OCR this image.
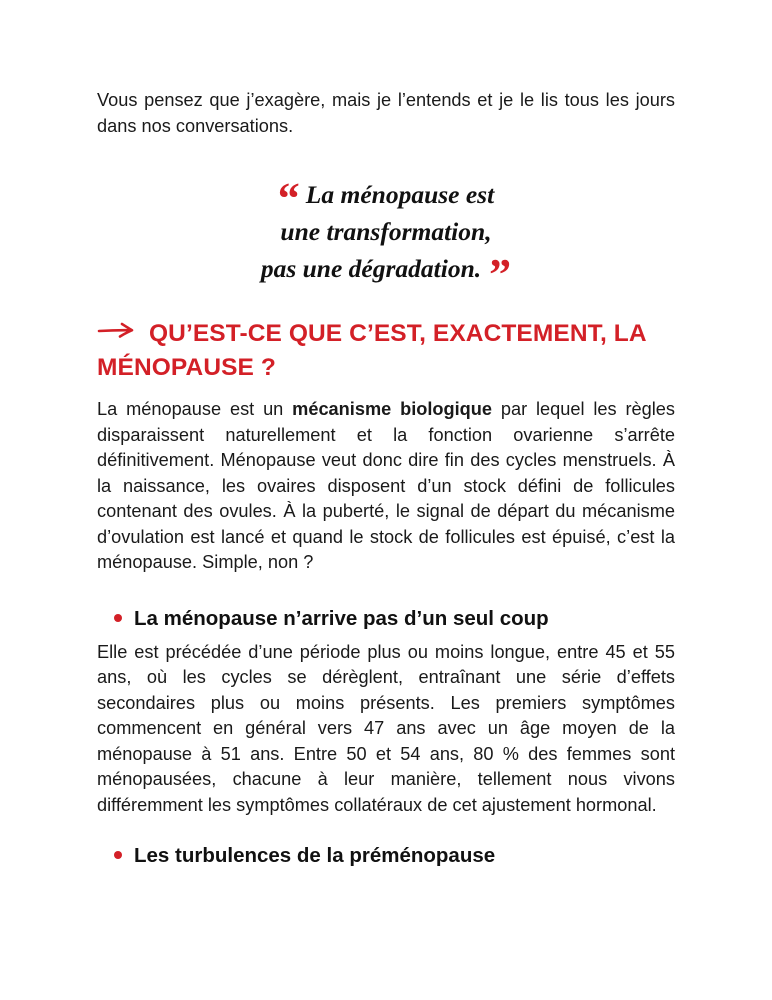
Vous pensez que j’exagère, mais je l’entends et je le lis tous les jours dans nos conversations.

“ La ménopause est
une transformation,
pas une dégradation. ”
QU’EST-CE QUE C’EST, EXACTEMENT, LA MÉNOPAUSE ?

La ménopause est un mécanisme biologique par lequel les règles disparaissent naturellement et la fonction ovarienne s’arrête définitivement. Ménopause veut donc dire fin des cycles menstruels. À la naissance, les ovaires disposent d’un stock défini de follicules contenant des ovules. À la puberté, le signal de départ du mécanisme d’ovulation est lancé et quand le stock de follicules est épuisé, c’est la ménopause. Simple, non ?

La ménopause n’arrive pas d’un seul coup

Elle est précédée d’une période plus ou moins longue, entre 45 et 55 ans, où les cycles se dérèglent, entraînant une série d’effets secondaires plus ou moins présents. Les premiers symptômes commencent en général vers 47 ans avec un âge moyen de la ménopause à 51 ans. Entre 50 et 54 ans, 80 % des femmes sont ménopausées, chacune à leur manière, tellement nous vivons différemment les symptômes collatéraux de cet ajustement hormonal.

Les turbulences de la préménopause
